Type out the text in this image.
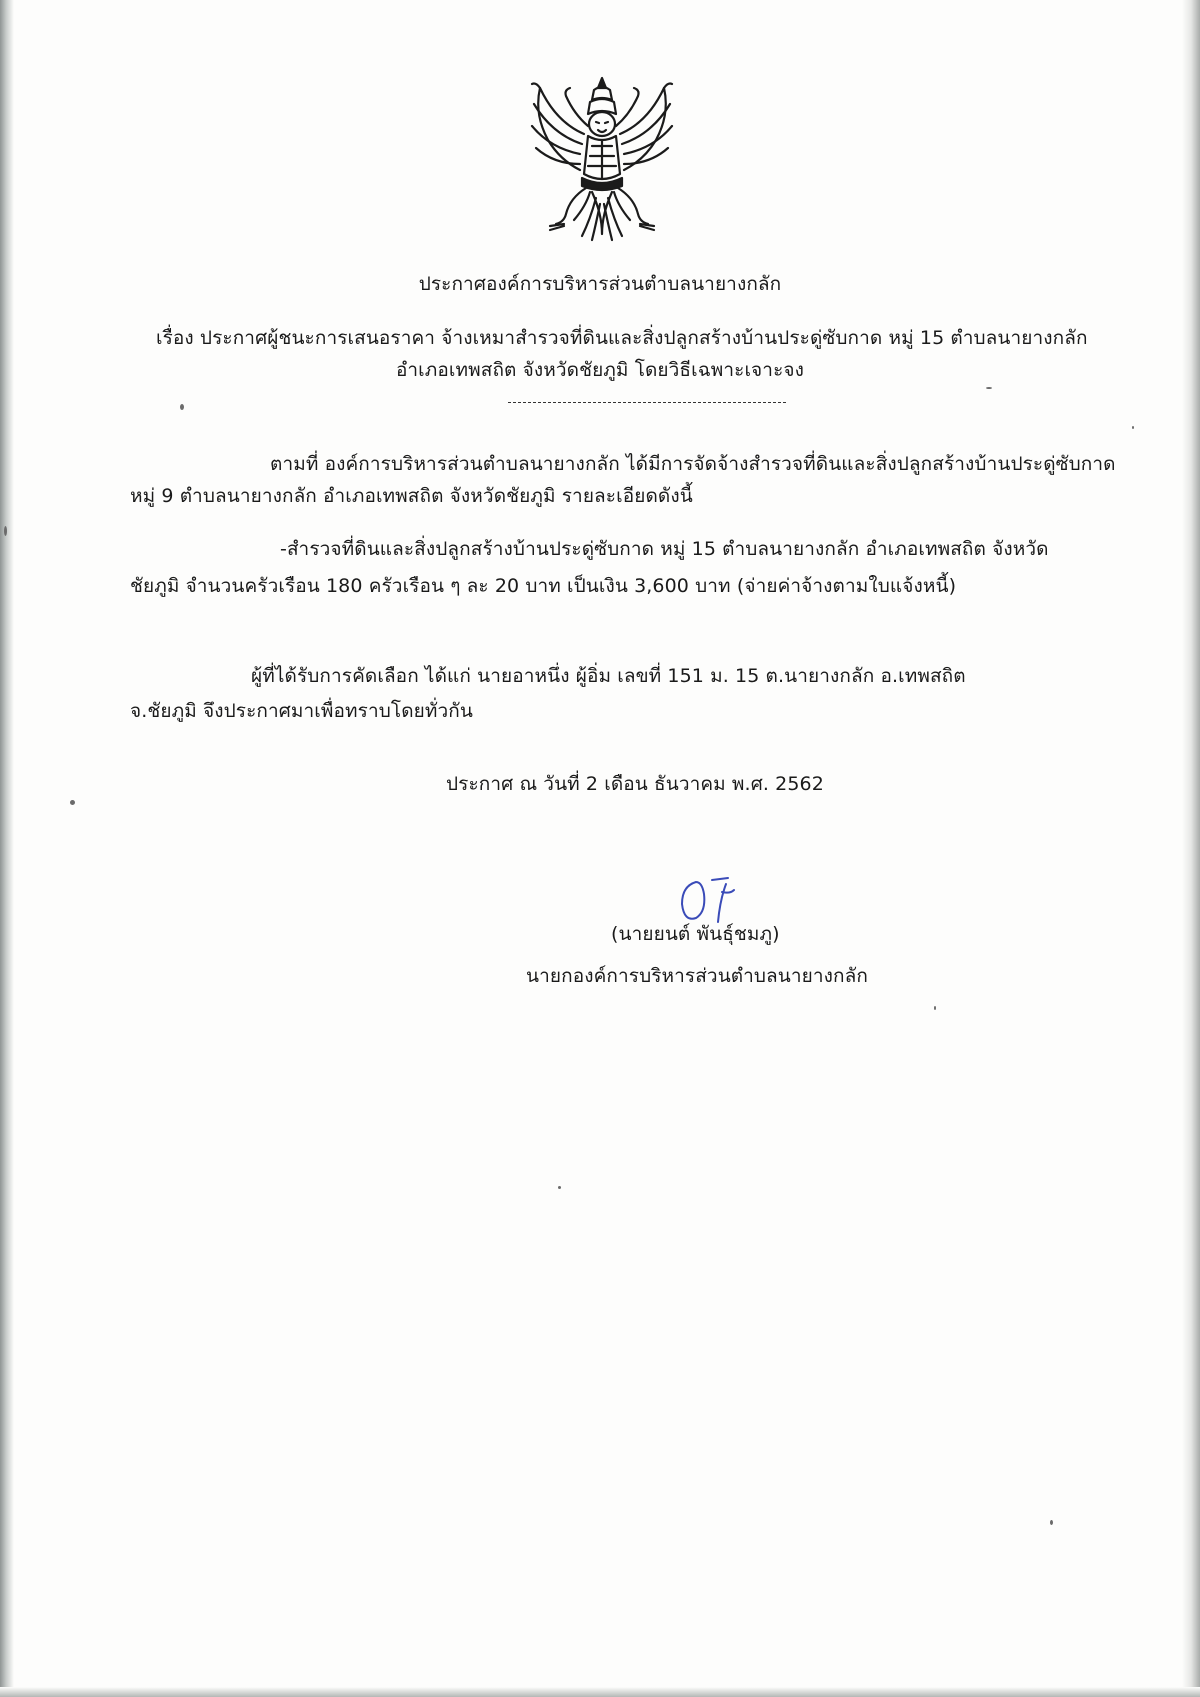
ประกาศองค์การบริหารส่วนตำบลนายางกลัก
เรื่อง ประกาศผู้ชนะการเสนอราคา จ้างเหมาสำรวจที่ดินและสิ่งปลูกสร้างบ้านประดู่ซับกาด หมู่ 15 ตำบลนายางกลัก
อำเภอเทพสถิต จังหวัดชัยภูมิ โดยวิธีเฉพาะเจาะจง
ตามที่ องค์การบริหารส่วนตำบลนายางกลัก ได้มีการจัดจ้างสำรวจที่ดินและสิ่งปลูกสร้างบ้านประดู่ซับกาด
หมู่ 9 ตำบลนายางกลัก อำเภอเทพสถิต จังหวัดชัยภูมิ รายละเอียดดังนี้
-สำรวจที่ดินและสิ่งปลูกสร้างบ้านประดู่ซับกาด หมู่ 15 ตำบลนายางกลัก อำเภอเทพสถิต จังหวัด
ชัยภูมิ จำนวนครัวเรือน 180 ครัวเรือน ๆ ละ 20 บาท เป็นเงิน 3,600 บาท (จ่ายค่าจ้างตามใบแจ้งหนี้)
ผู้ที่ได้รับการคัดเลือก ได้แก่ นายอาหนึ่ง ผู้อิ่ม เลขที่ 151 ม. 15 ต.นายางกลัก อ.เทพสถิต
จ.ชัยภูมิ จึงประกาศมาเพื่อทราบโดยทั่วกัน
ประกาศ ณ วันที่ 2 เดือน ธันวาคม พ.ศ. 2562
(นายยนต์ พันธุ์ชมภู)
นายกองค์การบริหารส่วนตำบลนายางกลัก
